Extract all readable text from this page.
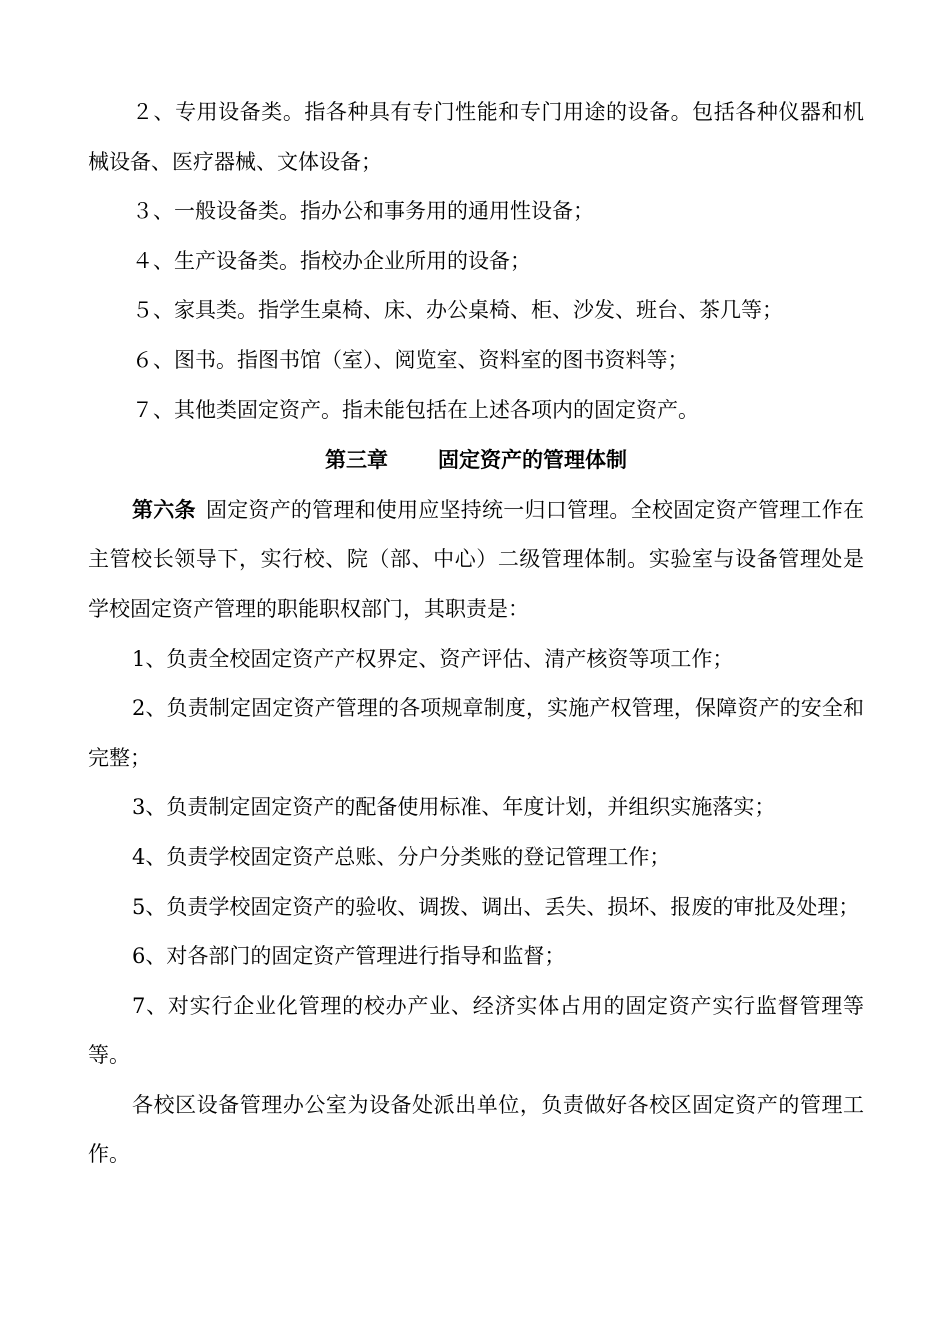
２、专用设备类。指各种具有专门性能和专门用途的设备。包括各种仪器和机械设备、医疗器械、文体设备；

３、一般设备类。指办公和事务用的通用性设备；

４、生产设备类。指校办企业所用的设备；

５、家具类。指学生桌椅、床、办公桌椅、柜、沙发、班台、茶几等；

６、图书。指图书馆（室）、阅览室、资料室的图书资料等；

７、其他类固定资产。指未能包括在上述各项内的固定资产。

第三章 固定资产的管理体制

第六条 固定资产的管理和使用应坚持统一归口管理。全校固定资产管理工作在主管校长领导下，实行校、院（部、中心）二级管理体制。实验室与设备管理处是学校固定资产管理的职能职权部门，其职责是：

1、负责全校固定资产产权界定、资产评估、清产核资等项工作；

2、负责制定固定资产管理的各项规章制度，实施产权管理，保障资产的安全和完整；

3、负责制定固定资产的配备使用标准、年度计划，并组织实施落实；

4、负责学校固定资产总账、分户分类账的登记管理工作；

5、负责学校固定资产的验收、调拨、调出、丢失、损坏、报废的审批及处理；

6、对各部门的固定资产管理进行指导和监督；

7、对实行企业化管理的校办产业、经济实体占用的固定资产实行监督管理等等。

各校区设备管理办公室为设备处派出单位，负责做好各校区固定资产的管理工作。
